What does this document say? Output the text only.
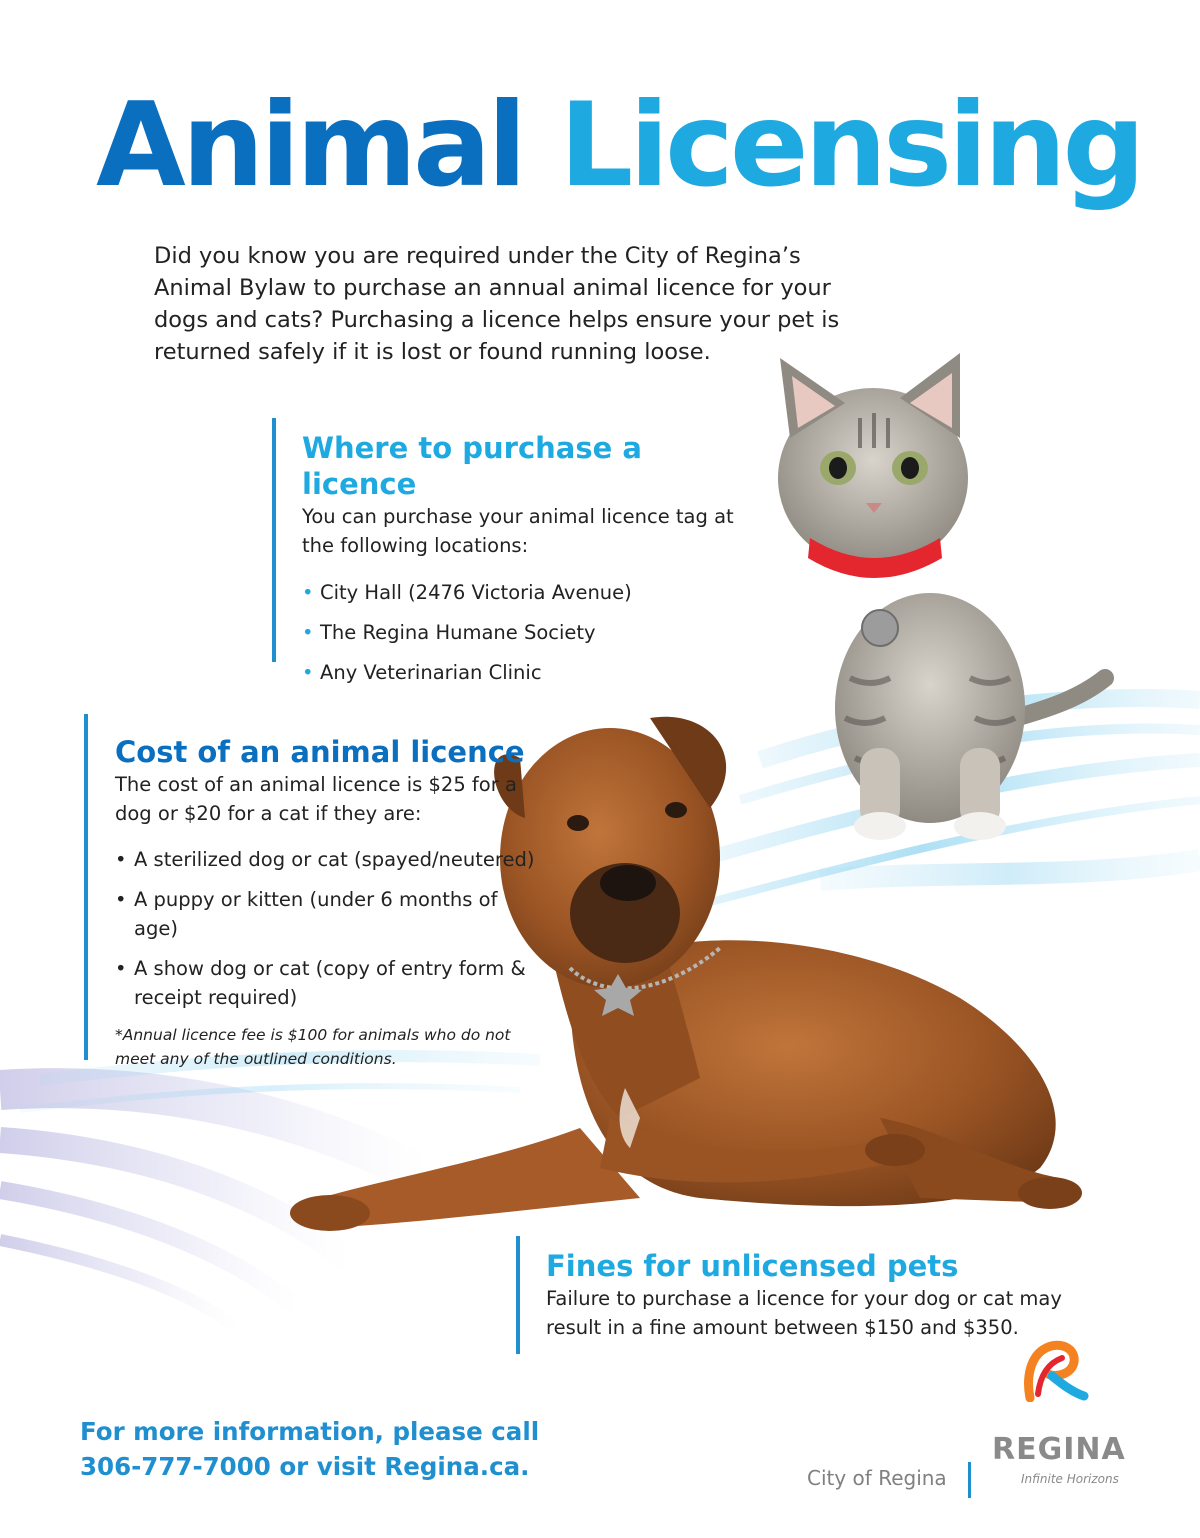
Animal Licensing

Did you know you are required under the City of Regina’s Animal Bylaw to purchase an annual animal licence for your dogs and cats? Purchasing a licence helps ensure your pet is returned safely if it is lost or found running loose.

Where to purchase a licence

You can purchase your animal licence tag at the following locations:

• City Hall (2476 Victoria Avenue)
• The Regina Humane Society
• Any Veterinarian Clinic
Cost of an animal licence

The cost of an animal licence is $25 for a dog or $20 for a cat if they are:

• A sterilized dog or cat (spayed/neutered)
• A puppy or kitten (under 6 months of age)
• A show dog or cat (copy of entry form & receipt required)

*Annual licence fee is $100 for animals who do not meet any of the outlined conditions.

Fines for unlicensed pets

Failure to purchase a licence for your dog or cat may result in a fine amount between $150 and $350.

For more information, please call
306-777-7000 or visit Regina.ca.	City of Regina
REGINA
Infinite Horizons
